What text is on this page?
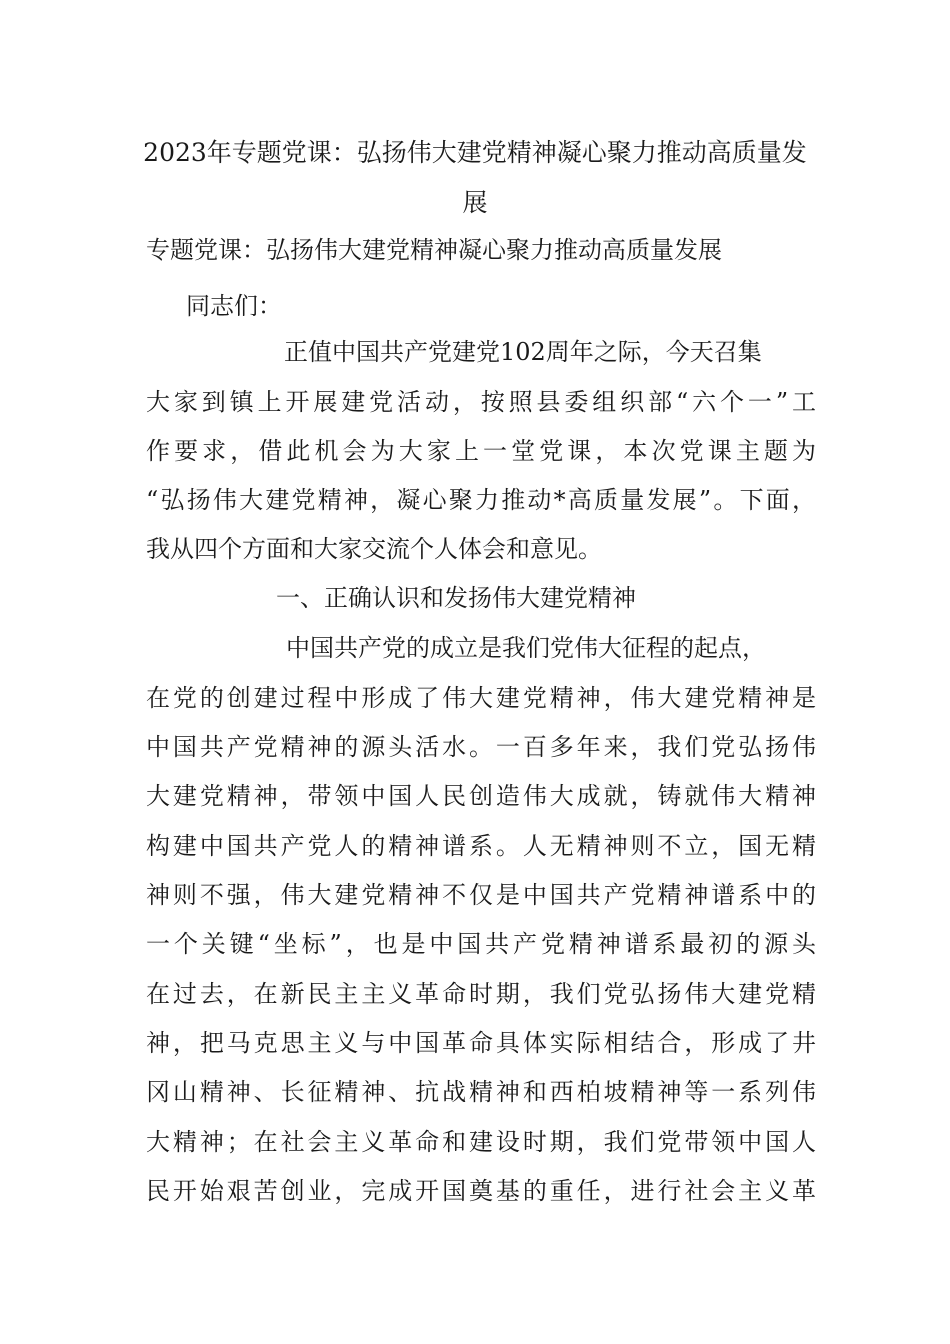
2023年专题党课：弘扬伟大建党精神凝心聚力推动高质量发展

专题党课：弘扬伟大建党精神凝心聚力推动高质量发展

同志们：

正值中国共产党建党102周年之际，今天召集

大家到镇上开展建党活动，按照县委组织部“六个一”工

作要求，借此机会为大家上一堂党课，本次党课主题为

“弘扬伟大建党精神，凝心聚力推动*高质量发展”。下面，

我从四个方面和大家交流个人体会和意见。

一、正确认识和发扬伟大建党精神

中国共产党的成立是我们党伟大征程的起点，

在党的创建过程中形成了伟大建党精神，伟大建党精神是

中国共产党精神的源头活水。一百多年来，我们党弘扬伟

大建党精神，带领中国人民创造伟大成就，铸就伟大精神

构建中国共产党人的精神谱系。人无精神则不立，国无精

神则不强，伟大建党精神不仅是中国共产党精神谱系中的

一个关键“坐标”，也是中国共产党精神谱系最初的源头

在过去，在新民主主义革命时期，我们党弘扬伟大建党精

神，把马克思主义与中国革命具体实际相结合，形成了井

冈山精神、长征精神、抗战精神和西柏坡精神等一系列伟

大精神；在社会主义革命和建设时期，我们党带领中国人

民开始艰苦创业，完成开国奠基的重任，进行社会主义革
